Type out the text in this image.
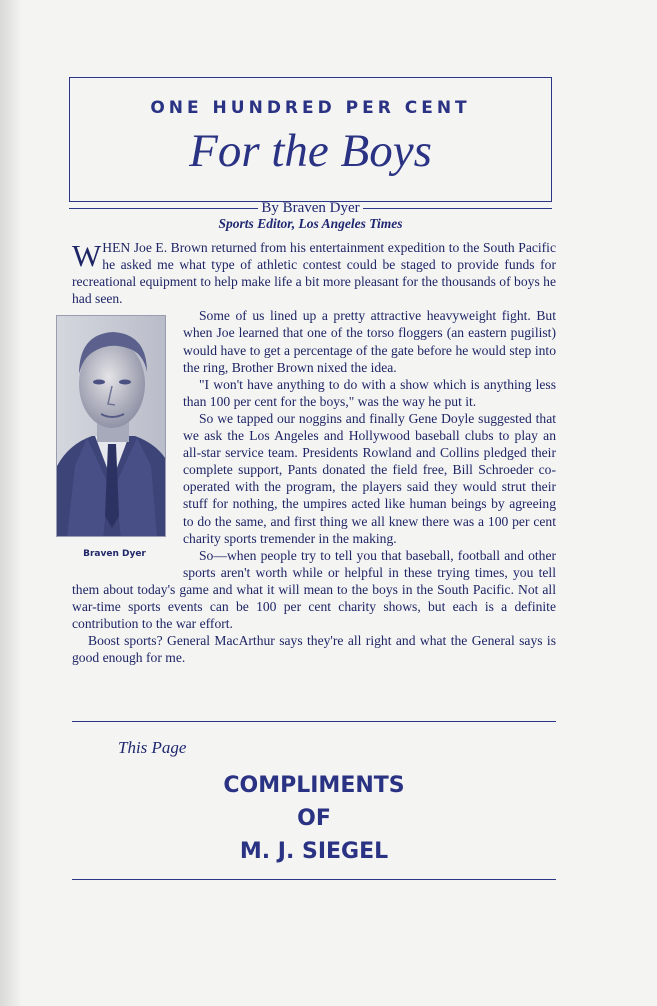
ONE HUNDRED PER CENT
For the Boys
By Braven Dyer
Sports Editor, Los Angeles Times

WHEN Joe E. Brown returned from his entertainment expedition to the South Pacific he asked me what type of athletic contest could be staged to provide funds for recreational equipment to help make life a bit more pleasant for the thousands of boys he had seen.

Braven Dyer

Some of us lined up a pretty attractive heavyweight fight. But when Joe learned that one of the torso floggers (an eastern pugilist) would have to get a percentage of the gate before he would step into the ring, Brother Brown nixed the idea.

"I won't have anything to do with a show which is anything less than 100 per cent for the boys," was the way he put it.

So we tapped our noggins and finally Gene Doyle suggested that we ask the Los Angeles and Hollywood baseball clubs to play an all-star service team. Presidents Rowland and Collins pledged their complete support, Pants donated the field free, Bill Schroeder co-operated with the program, the players said they would strut their stuff for nothing, the umpires acted like human beings by agreeing to do the same, and first thing we all knew there was a 100 per cent charity sports tremender in the making.

So—when people try to tell you that baseball, football and other sports aren't worth while or helpful in these trying times, you tell them about today's game and what it will mean to the boys in the South Pacific. Not all war-time sports events can be 100 per cent charity shows, but each is a definite contribution to the war effort.

Boost sports? General MacArthur says they're all right and what the General says is good enough for me.

This Page
COMPLIMENTS
OF
M. J. SIEGEL
